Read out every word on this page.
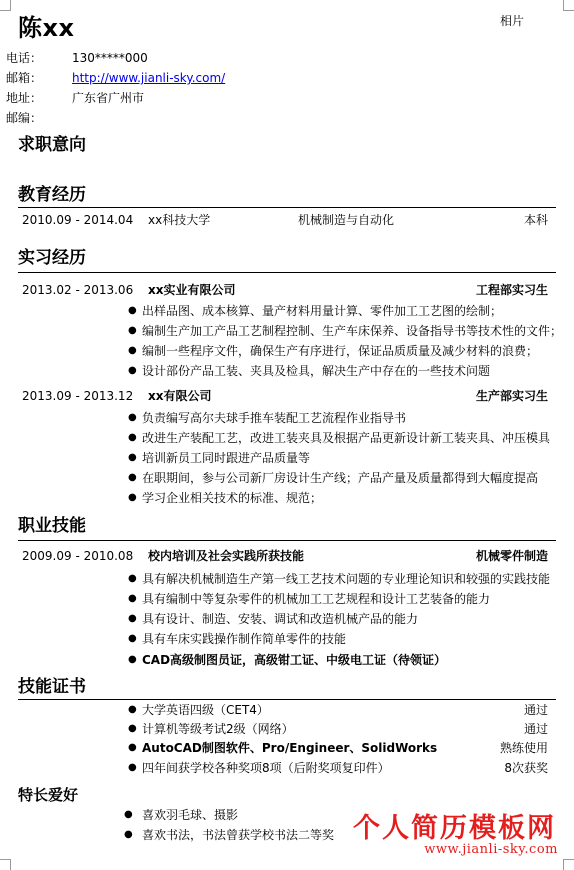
陈xx	相片
电话：	130*****000
邮箱：	http://www.jianli-sky.com/
地址：	广东省广州市
邮编：
求职意向
教育经历
2010.09 - 2014.04 xx科技大学	机械制造与自动化	本科
实习经历
2013.02 - 2013.06 xx实业有限公司	工程部实习生
● 出样品图、成本核算、量产材料用量计算、零件加工工艺图的绘制；
● 编制生产加工产品工艺制程控制、生产车床保养、设备指导书等技术性的文件；
● 编制一些程序文件，确保生产有序进行，保证品质质量及减少材料的浪费；
● 设计部份产品工装、夹具及检具，解决生产中存在的一些技术问题
2013.09 - 2013.12 xx有限公司	生产部实习生
● 负责编写高尔夫球手推车装配工艺流程作业指导书
● 改进生产装配工艺，改进工装夹具及根据产品更新设计新工装夹具、冲压模具
● 培训新员工同时跟进产品质量等
● 在职期间，参与公司新厂房设计生产线；产品产量及质量都得到大幅度提高
● 学习企业相关技术的标准、规范；
职业技能
2009.09 - 2010.08 校内培训及社会实践所获技能	机械零件制造
● 具有解决机械制造生产第一线工艺技术问题的专业理论知识和较强的实践技能
● 具有编制中等复杂零件的机械加工工艺规程和设计工艺装备的能力
● 具有设计、制造、安装、调试和改造机械产品的能力
● 具有车床实践操作制作简单零件的技能
● CAD高级制图员证，高级钳工证、中级电工证（待领证）
技能证书
● 大学英语四级（CET4）	通过
● 计算机等级考试2级（网络）	通过
● AutoCAD制图软件、Pro/Engineer、SolidWorks	熟练使用
● 四年间获学校各种奖项8项（后附奖项复印件）	8次获奖
特长爱好
● 喜欢羽毛球、摄影
● 喜欢书法，书法曾获学校书法二等奖 个人简历模板网
www.jianli-sky.com
